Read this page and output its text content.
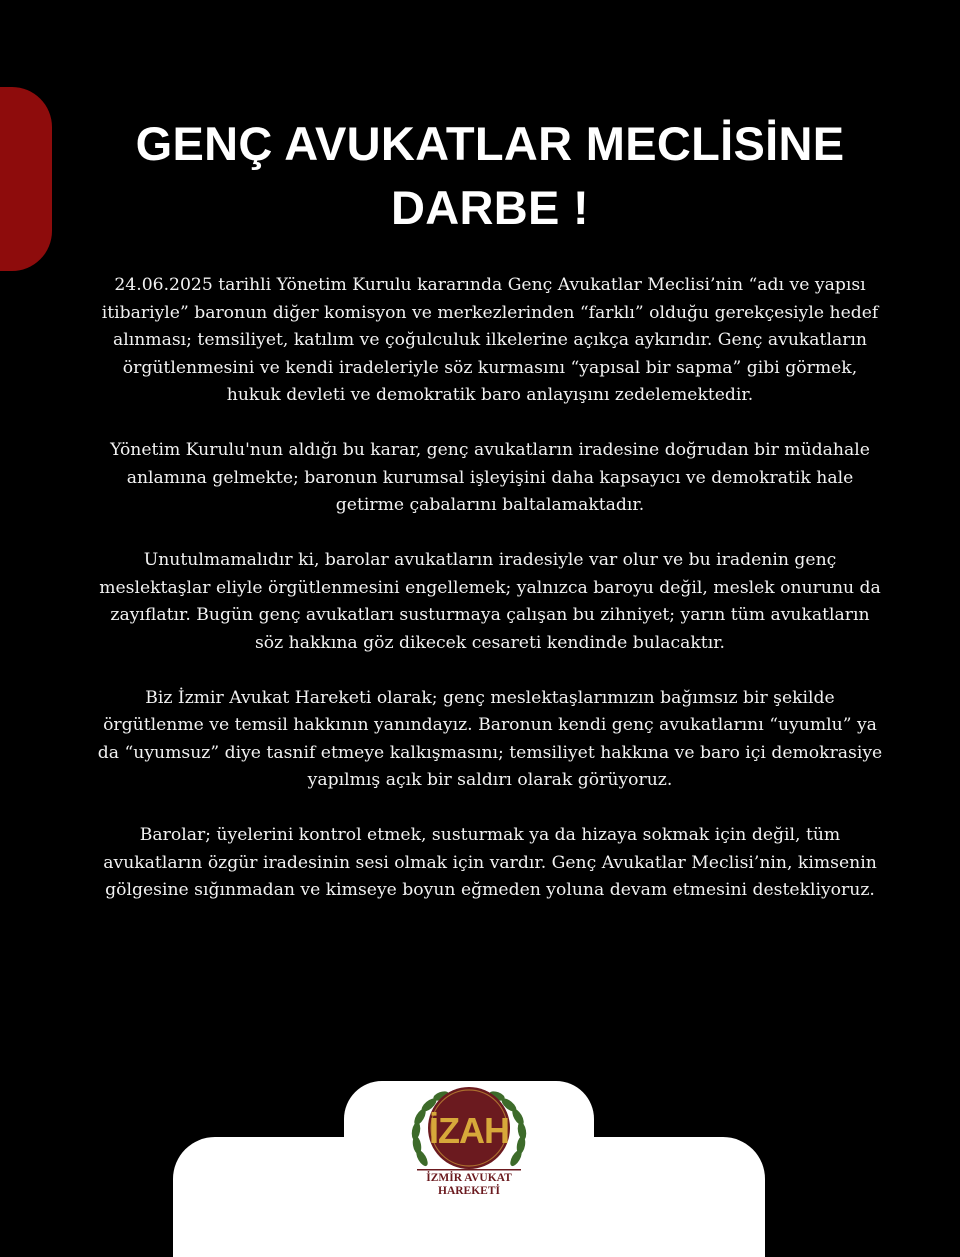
GENÇ AVUKATLAR MECLİSİNE
DARBE !

24.06.2025 tarihli Yönetim Kurulu kararında Genç Avukatlar Meclisi’nin “adı ve yapısı itibariyle” baronun diğer komisyon ve merkezlerinden “farklı” olduğu gerekçesiyle hedef alınması; temsiliyet, katılım ve çoğulculuk ilkelerine açıkça aykırıdır. Genç avukatların örgütlenmesini ve kendi iradeleriyle söz kurmasını “yapısal bir sapma” gibi görmek, hukuk devleti ve demokratik baro anlayışını zedelemektedir.

Yönetim Kurulu'nun aldığı bu karar, genç avukatların iradesine doğrudan bir müdahale anlamına gelmekte; baronun kurumsal işleyişini daha kapsayıcı ve demokratik hale getirme çabalarını baltalamaktadır.

Unutulmamalıdır ki, barolar avukatların iradesiyle var olur ve bu iradenin genç meslektaşlar eliyle örgütlenmesini engellemek; yalnızca baroyu değil, meslek onurunu da zayıflatır. Bugün genç avukatları susturmaya çalışan bu zihniyet; yarın tüm avukatların söz hakkına göz dikecek cesareti kendinde bulacaktır.

Biz İzmir Avukat Hareketi olarak; genç meslektaşlarımızın bağımsız bir şekilde örgütlenme ve temsil hakkının yanındayız. Baronun kendi genç avukatlarını “uyumlu” ya da “uyumsuz” diye tasnif etmeye kalkışmasını; temsiliyet hakkına ve baro içi demokrasiye yapılmış açık bir saldırı olarak görüyoruz.

Barolar; üyelerini kontrol etmek, susturmak ya da hizaya sokmak için değil, tüm avukatların özgür iradesinin sesi olmak için vardır. Genç Avukatlar Meclisi’nin, kimsenin gölgesine sığınmadan ve kimseye boyun eğmeden yoluna devam etmesini destekliyoruz.

İZAH
İZMİR AVUKAT
HAREKETİ
